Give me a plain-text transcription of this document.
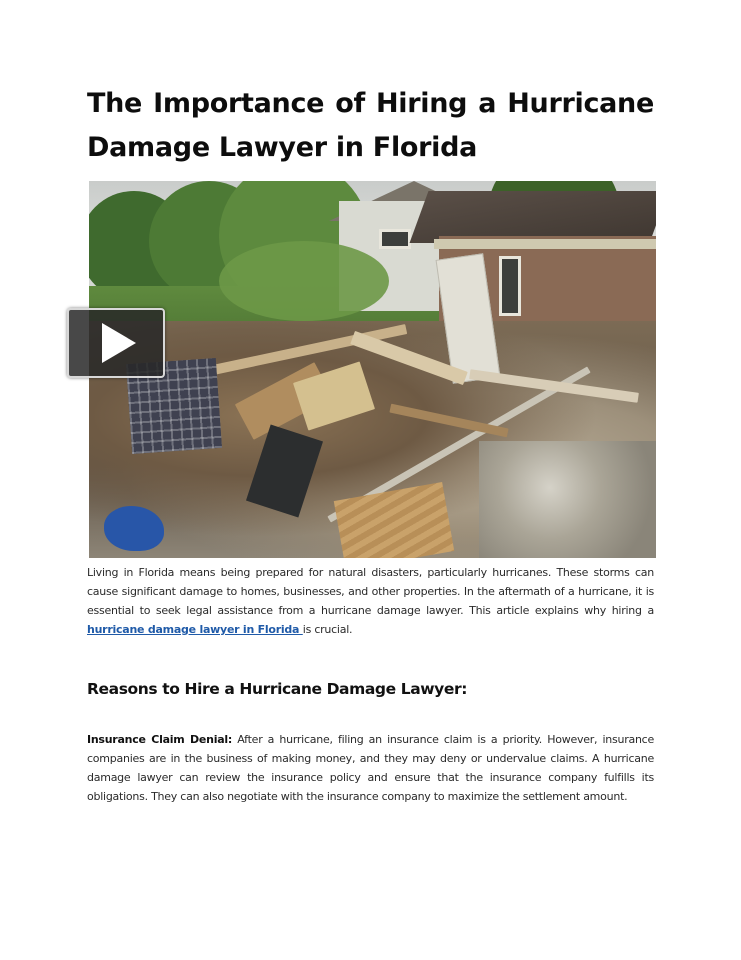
The Importance of Hiring a Hurricane
Damage Lawyer in Florida

Living in Florida means being prepared for natural disasters, particularly hurricanes. These storms can cause significant damage to homes, businesses, and other properties. In the aftermath of a hurricane, it is essential to seek legal assistance from a hurricane damage lawyer. This article explains why hiring a hurricane damage lawyer in Florida is crucial.

Reasons to Hire a Hurricane Damage Lawyer:

Insurance Claim Denial: After a hurricane, filing an insurance claim is a priority. However, insurance companies are in the business of making money, and they may deny or undervalue claims. A hurricane damage lawyer can review the insurance policy and ensure that the insurance company fulfills its obligations. They can also negotiate with the insurance company to maximize the settlement amount.
